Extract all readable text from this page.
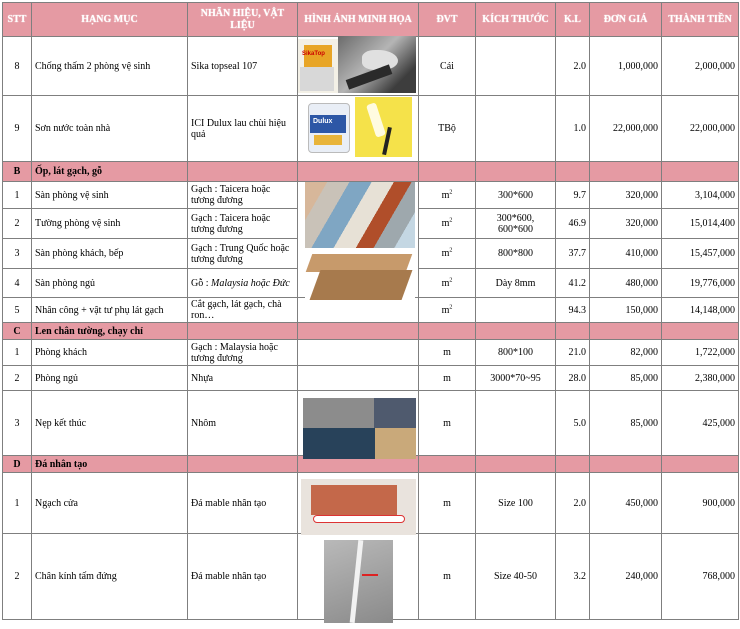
STT	HẠNG MỤC	NHÃN HIỆU, VẬT LIỆU	HÌNH ẢNH MINH HỌA	ĐVT	KÍCH THƯỚC	K.L	ĐƠN GIÁ	THÀNH TIỀN
8	Chống thấm 2 phòng vệ sinh	Sika topseal 107		Cái		2.0	1,000,000	2,000,000
9	Sơn nước toàn nhà	ICI Dulux lau chùi hiệu quả		TBộ		1.0	22,000,000	22,000,000
B	Ốp, lát gạch, gỗ							
1	Sàn phòng vệ sinh	Gạch : Taicera hoặc tương đương		$m^2$	300*600	9.7	320,000	3,104,000
2	Tường phòng vệ sinh	Gạch : Taicera hoặc tương đương		$m^2$	300*600, 600*600	46.9	320,000	15,014,400
3	Sàn phòng khách, bếp	Gạch : Trung Quốc hoặc tương đương		$m^2$	800*800	37.7	410,000	15,457,000
4	Sàn phòng ngủ	Gỗ : Malaysia hoặc Đức		$m^2$	Dày 8mm	41.2	480,000	19,776,000
5	Nhân công + vật tư phụ lát gạch	Cắt gạch, lát gạch, chà ron…		$m^2$		94.3	150,000	14,148,000
C	Len chân tường, chạy chỉ							
1	Phòng khách	Gạch : Malaysia hoặc tương đương		m	800*100	21.0	82,000	1,722,000
2	Phòng ngủ	Nhựa		m	3000*70~95	28.0	85,000	2,380,000
3	Nẹp kết thúc	Nhôm		m		5.0	85,000	425,000
D	Đá nhân tạo							
1	Ngạch cửa	Đá mable nhân tạo		m	Size 100	2.0	450,000	900,000
2	Chân kính tấm đứng	Đá mable nhân tạo		m	Size 40-50	3.2	240,000	768,000
SikaTop
Dulux
